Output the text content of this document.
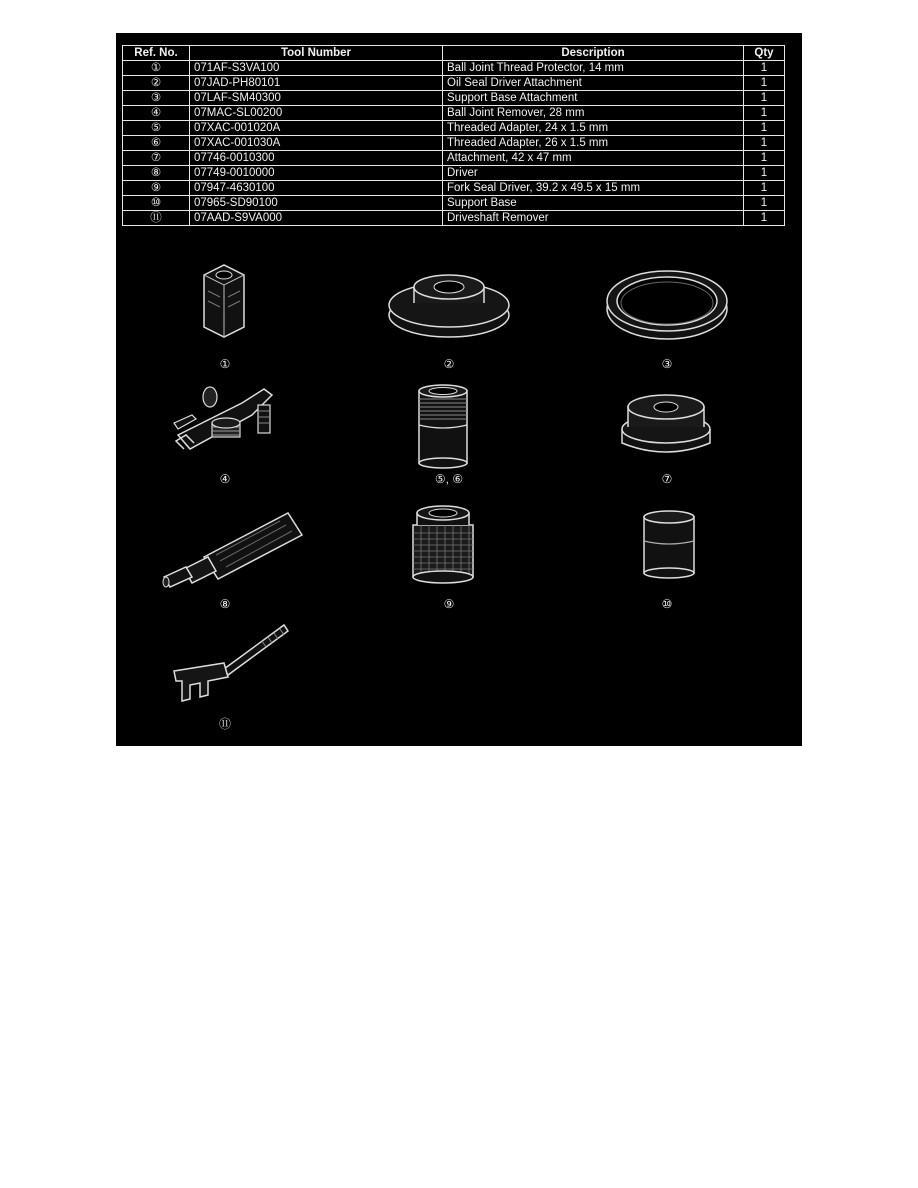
Ref. No.	Tool Number	Description	Qty
①	071AF-S3VA100	Ball Joint Thread Protector, 14 mm	1
②	07JAD-PH80101	Oil Seal Driver Attachment	1
③	07LAF-SM40300	Support Base Attachment	1
④	07MAC-SL00200	Ball Joint Remover, 28 mm	1
⑤	07XAC-001020A	Threaded Adapter, 24 x 1.5 mm	1
⑥	07XAC-001030A	Threaded Adapter, 26 x 1.5 mm	1
⑦	07746-0010300	Attachment, 42 x 47 mm	1
⑧	07749-0010000	Driver	1
⑨	07947-4630100	Fork Seal Driver, 39.2 x 49.5 x 15 mm	1
⑩	07965-SD90100	Support Base	1
⑪	07AAD-S9VA000	Driveshaft Remover	1
①	②	③
④	⑤, ⑥	⑦
⑧	⑨	⑩
⑪
